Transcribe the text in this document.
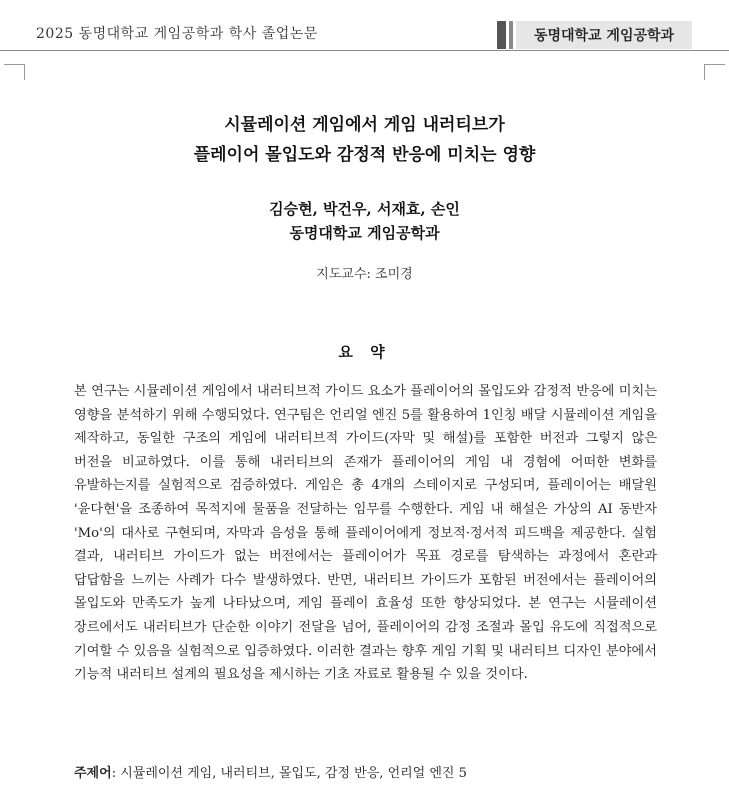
2025 동명대학교 게임공학과 학사 졸업논문	동명대학교 게임공학과
시뮬레이션 게임에서 게임 내러티브가
플레이어 몰입도와 감정적 반응에 미치는 영향
김승현, 박건우, 서재효, 손인
동명대학교 게임공학과
지도교수: 조미경
요 약
본 연구는 시뮬레이션 게임에서 내러티브적 가이드 요소가 플레이어의 몰입도와 감정적 반응에 미치는 영향을 분석하기 위해 수행되었다. 연구팀은 언리얼 엔진 5를 활용하여 1인칭 배달 시뮬레이션 게임을 제작하고, 동일한 구조의 게임에 내러티브적 가이드(자막 및 해설)를 포함한 버전과 그렇지 않은 버전을 비교하였다. 이를 통해 내러티브의 존재가 플레이어의 게임 내 경험에 어떠한 변화를 유발하는지를 실험적으로 검증하였다. 게임은 총 4개의 스테이지로 구성되며, 플레이어는 배달원 '윤다현'을 조종하여 목적지에 물품을 전달하는 임무를 수행한다. 게임 내 해설은 가상의 AI 동반자 'Mo'의 대사로 구현되며, 자막과 음성을 통해 플레이어에게 정보적·정서적 피드백을 제공한다. 실험 결과, 내러티브 가이드가 없는 버전에서는 플레이어가 목표 경로를 탐색하는 과정에서 혼란과 답답함을 느끼는 사례가 다수 발생하였다. 반면, 내러티브 가이드가 포함된 버전에서는 플레이어의 몰입도와 만족도가 높게 나타났으며, 게임 플레이 효율성 또한 향상되었다. 본 연구는 시뮬레이션 장르에서도 내러티브가 단순한 이야기 전달을 넘어, 플레이어의 감정 조절과 몰입 유도에 직접적으로 기여할 수 있음을 실험적으로 입증하였다. 이러한 결과는 향후 게임 기획 및 내러티브 디자인 분야에서 기능적 내러티브 설계의 필요성을 제시하는 기초 자료로 활용될 수 있을 것이다.
주제어: 시뮬레이션 게임, 내러티브, 몰입도, 감정 반응, 언리얼 엔진 5
